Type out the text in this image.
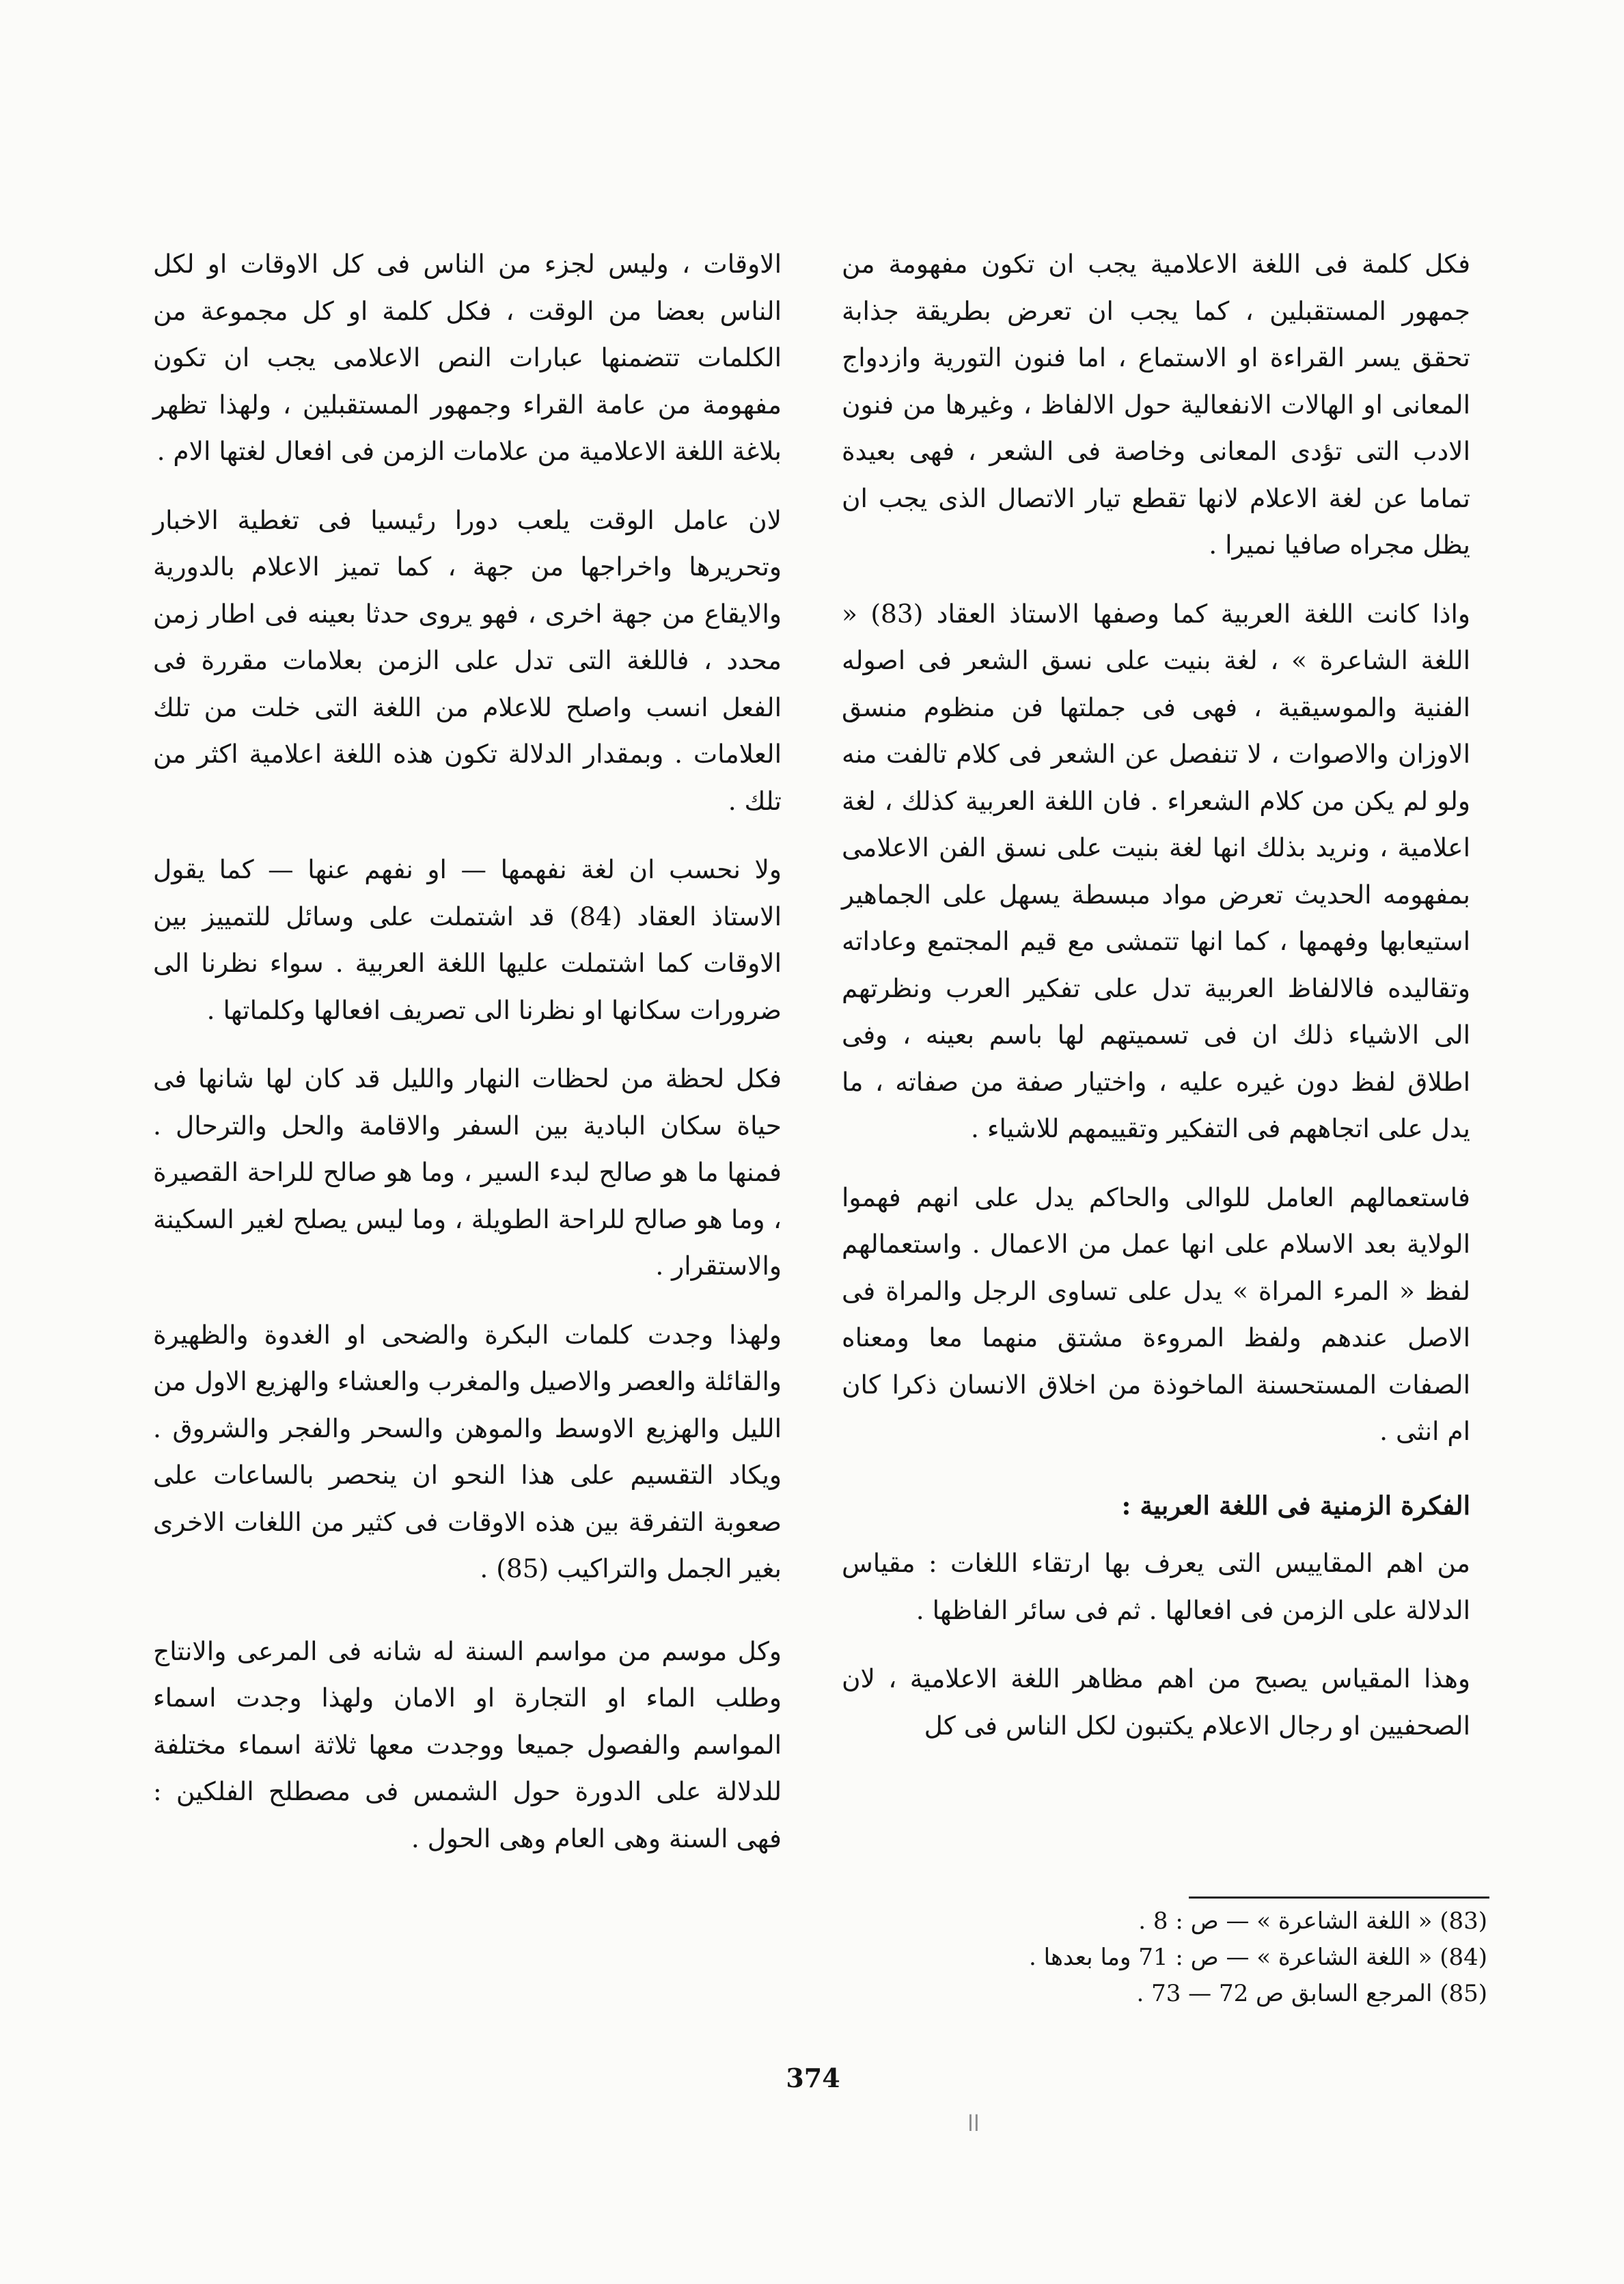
فكل كلمة فى اللغة الاعلامية يجب ان تكون مفهومة من جمهور المستقبلين ، كما يجب ان تعرض بطريقة جذابة تحقق يسر القراءة او الاستماع ، اما فنون التورية وازدواج المعانى او الهالات الانفعالية حول الالفاظ ، وغيرها من فنون الادب التى تؤدى المعانى وخاصة فى الشعر ، فهى بعيدة تماما عن لغة الاعلام لانها تقطع تيار الاتصال الذى يجب ان يظل مجراه صافيا نميرا .

واذا كانت اللغة العربية كما وصفها الاستاذ العقاد (83) « اللغة الشاعرة » ، لغة بنيت على نسق الشعر فى اصوله الفنية والموسيقية ، فهى فى جملتها فن منظوم منسق الاوزان والاصوات ، لا تنفصل عن الشعر فى كلام تالفت منه ولو لم يكن من كلام الشعراء . فان اللغة العربية كذلك ، لغة اعلامية ، ونريد بذلك انها لغة بنيت على نسق الفن الاعلامى بمفهومه الحديث تعرض مواد مبسطة يسهل على الجماهير استيعابها وفهمها ، كما انها تتمشى مع قيم المجتمع وعاداته وتقاليده فالالفاظ العربية تدل على تفكير العرب ونظرتهم الى الاشياء ذلك ان فى تسميتهم لها باسم بعينه ، وفى اطلاق لفظ دون غيره عليه ، واختيار صفة من صفاته ، ما يدل على اتجاههم فى التفكير وتقييمهم للاشياء .

فاستعمالهم العامل للوالى والحاكم يدل على انهم فهموا الولاية بعد الاسلام على انها عمل من الاعمال . واستعمالهم لفظ « المرء المراة » يدل على تساوى الرجل والمراة فى الاصل عندهم ولفظ المروءة مشتق منهما معا ومعناه الصفات المستحسنة الماخوذة من اخلاق الانسان ذكرا كان ام انثى .

الفكرة الزمنية فى اللغة العربية :

من اهم المقاييس التى يعرف بها ارتقاء اللغات : مقياس الدلالة على الزمن فى افعالها . ثم فى سائر الفاظها .

وهذا المقياس يصبح من اهم مظاهر اللغة الاعلامية ، لان الصحفيين او رجال الاعلام يكتبون لكل الناس فى كل

الاوقات ، وليس لجزء من الناس فى كل الاوقات او لكل الناس بعضا من الوقت ، فكل كلمة او كل مجموعة من الكلمات تتضمنها عبارات النص الاعلامى يجب ان تكون مفهومة من عامة القراء وجمهور المستقبلين ، ولهذا تظهر بلاغة اللغة الاعلامية من علامات الزمن فى افعال لغتها الام .

لان عامل الوقت يلعب دورا رئيسيا فى تغطية الاخبار وتحريرها واخراجها من جهة ، كما تميز الاعلام بالدورية والايقاع من جهة اخرى ، فهو يروى حدثا بعينه فى اطار زمن محدد ، فاللغة التى تدل على الزمن بعلامات مقررة فى الفعل انسب واصلح للاعلام من اللغة التى خلت من تلك العلامات . وبمقدار الدلالة تكون هذه اللغة اعلامية اكثر من تلك .

ولا نحسب ان لغة نفهمها — او نفهم عنها — كما يقول الاستاذ العقاد (84) قد اشتملت على وسائل للتمييز بين الاوقات كما اشتملت عليها اللغة العربية . سواء نظرنا الى ضرورات سكانها او نظرنا الى تصريف افعالها وكلماتها .

فكل لحظة من لحظات النهار والليل قد كان لها شانها فى حياة سكان البادية بين السفر والاقامة والحل والترحال . فمنها ما هو صالح لبدء السير ، وما هو صالح للراحة القصيرة ، وما هو صالح للراحة الطويلة ، وما ليس يصلح لغير السكينة والاستقرار .

ولهذا وجدت كلمات البكرة والضحى او الغدوة والظهيرة والقائلة والعصر والاصيل والمغرب والعشاء والهزيع الاول من الليل والهزيع الاوسط والموهن والسحر والفجر والشروق . ويكاد التقسيم على هذا النحو ان ينحصر بالساعات على صعوبة التفرقة بين هذه الاوقات فى كثير من اللغات الاخرى بغير الجمل والتراكيب (85) .

وكل موسم من مواسم السنة له شانه فى المرعى والانتاج وطلب الماء او التجارة او الامان ولهذا وجدت اسماء المواسم والفصول جميعا ووجدت معها ثلاثة اسماء مختلفة للدلالة على الدورة حول الشمس فى مصطلح الفلكين : فهى السنة وهى العام وهى الحول .

(83) « اللغة الشاعرة » — ص : 8 .

(84) « اللغة الشاعرة » — ص : 71 وما بعدها .

(85) المرجع السابق ص 72 — 73 .

374
اا
